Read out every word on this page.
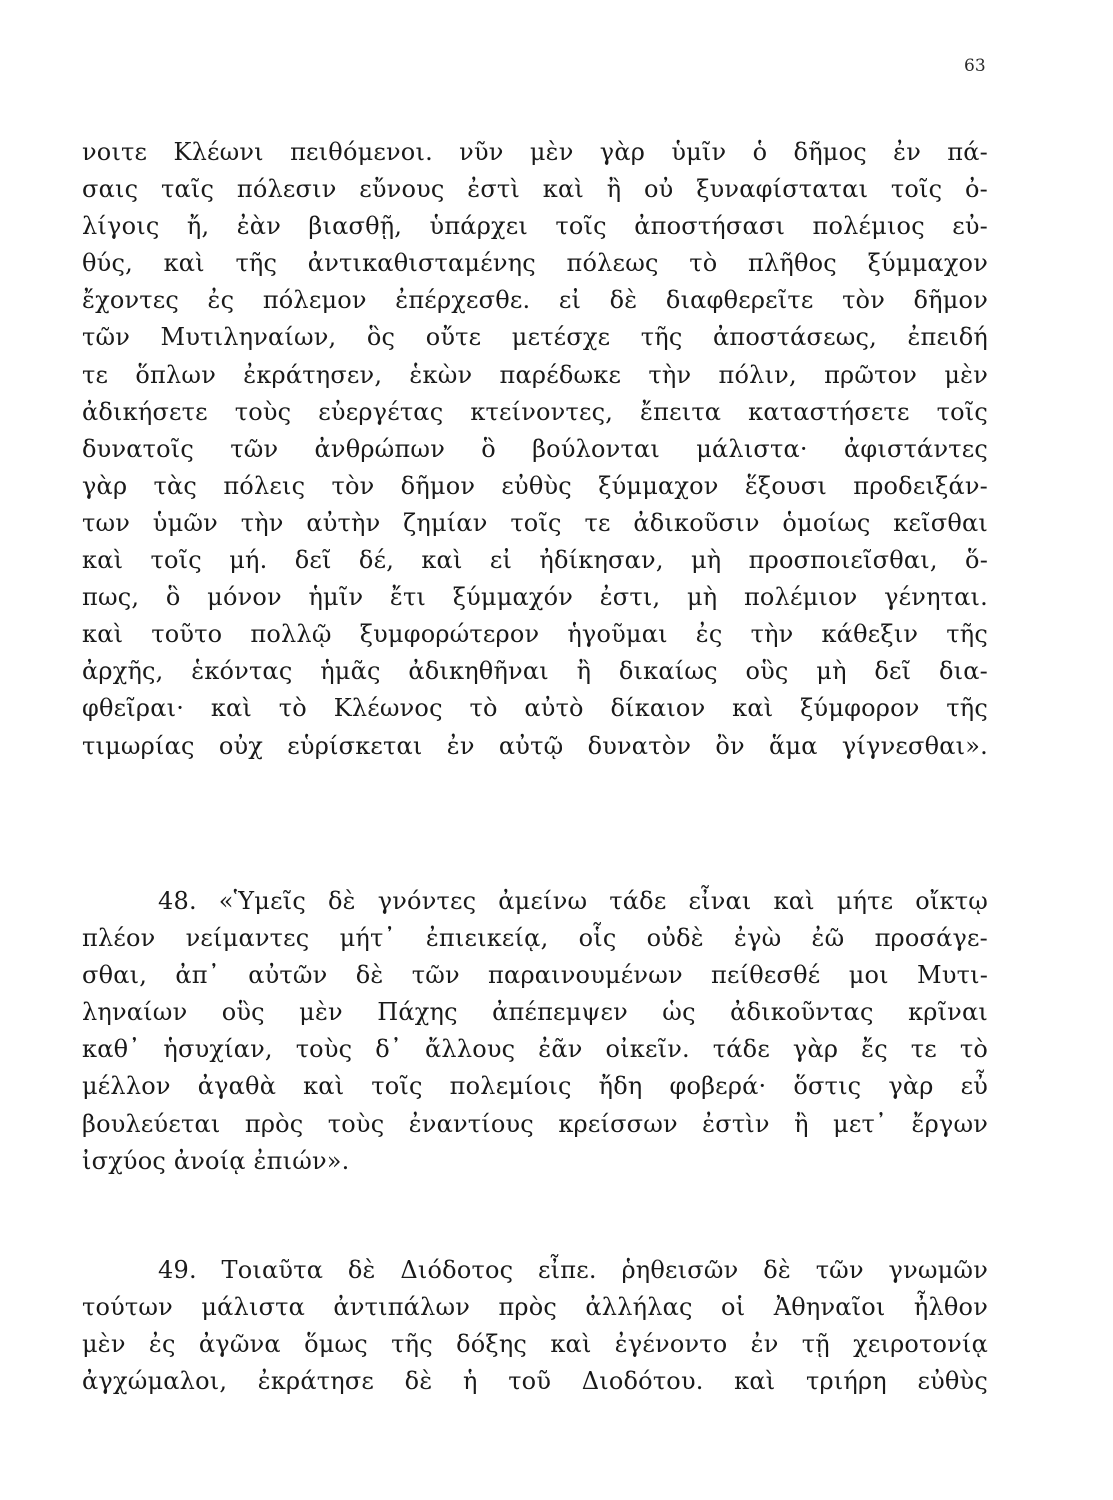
63
νοιτε Κλέωνι πειθόμενοι. νῦν μὲν γὰρ ὑμῖν ὁ δῆμος ἐν πά-
σαις ταῖς πόλεσιν εὔνους ἐστὶ καὶ ἢ οὐ ξυναφίσταται τοῖς ὀ-
λίγοις ἤ, ἐὰν βιασθῇ, ὑπάρχει τοῖς ἀποστήσασι πολέμιος εὐ-
θύς, καὶ τῆς ἀντικαθισταμένης πόλεως τὸ πλῆθος ξύμμαχον
ἔχοντες ἐς πόλεμον ἐπέρχεσθε. εἰ δὲ διαφθερεῖτε τὸν δῆμον
τῶν Μυτιληναίων, ὃς οὔτε μετέσχε τῆς ἀποστάσεως, ἐπειδή
τε ὅπλων ἐκράτησεν, ἑκὼν παρέδωκε τὴν πόλιν, πρῶτον μὲν
ἀδικήσετε τοὺς εὐεργέτας κτείνοντες, ἔπειτα καταστήσετε τοῖς
δυνατοῖς τῶν ἀνθρώπων ὃ βούλονται μάλιστα· ἀφιστάντες
γὰρ τὰς πόλεις τὸν δῆμον εὐθὺς ξύμμαχον ἕξουσι προδειξάν-
των ὑμῶν τὴν αὐτὴν ζημίαν τοῖς τε ἀδικοῦσιν ὁμοίως κεῖσθαι
καὶ τοῖς μή. δεῖ δέ, καὶ εἰ ἠδίκησαν, μὴ προσποιεῖσθαι, ὅ-
πως, ὃ μόνον ἡμῖν ἔτι ξύμμαχόν ἐστι, μὴ πολέμιον γένηται.
καὶ τοῦτο πολλῷ ξυμφορώτερον ἡγοῦμαι ἐς τὴν κάθεξιν τῆς
ἀρχῆς, ἑκόντας ἡμᾶς ἀδικηθῆναι ἢ δικαίως οὓς μὴ δεῖ δια-
φθεῖραι· καὶ τὸ Κλέωνος τὸ αὐτὸ δίκαιον καὶ ξύμφορον τῆς
τιμωρίας οὐχ εὑρίσκεται ἐν αὐτῷ δυνατὸν ὂν ἅμα γίγνεσθαι».
48. «Ὑμεῖς δὲ γνόντες ἀμείνω τάδε εἶναι καὶ μήτε οἴκτῳ
πλέον νείμαντες μήτ᾽ ἐπιεικείᾳ, οἷς οὐδὲ ἐγὼ ἐῶ προσάγε-
σθαι, ἀπ᾽ αὐτῶν δὲ τῶν παραινουμένων πείθεσθέ μοι Μυτι-
ληναίων οὓς μὲν Πάχης ἀπέπεμψεν ὡς ἀδικοῦντας κρῖναι
καθ᾽ ἡσυχίαν, τοὺς δ᾽ ἄλλους ἐᾶν οἰκεῖν. τάδε γὰρ ἔς τε τὸ
μέλλον ἀγαθὰ καὶ τοῖς πολεμίοις ἤδη φοβερά· ὅστις γὰρ εὖ
βουλεύεται πρὸς τοὺς ἐναντίους κρείσσων ἐστὶν ἢ μετ᾽ ἔργων
ἰσχύος ἀνοίᾳ ἐπιών».
49. Τοιαῦτα δὲ Διόδοτος εἶπε. ῥηθεισῶν δὲ τῶν γνωμῶν
τούτων μάλιστα ἀντιπάλων πρὸς ἀλλήλας οἱ Ἀθηναῖοι ἦλθον
μὲν ἐς ἀγῶνα ὅμως τῆς δόξης καὶ ἐγένοντο ἐν τῇ χειροτονίᾳ
ἀγχώμαλοι, ἐκράτησε δὲ ἡ τοῦ Διοδότου. καὶ τριήρη εὐθὺς
